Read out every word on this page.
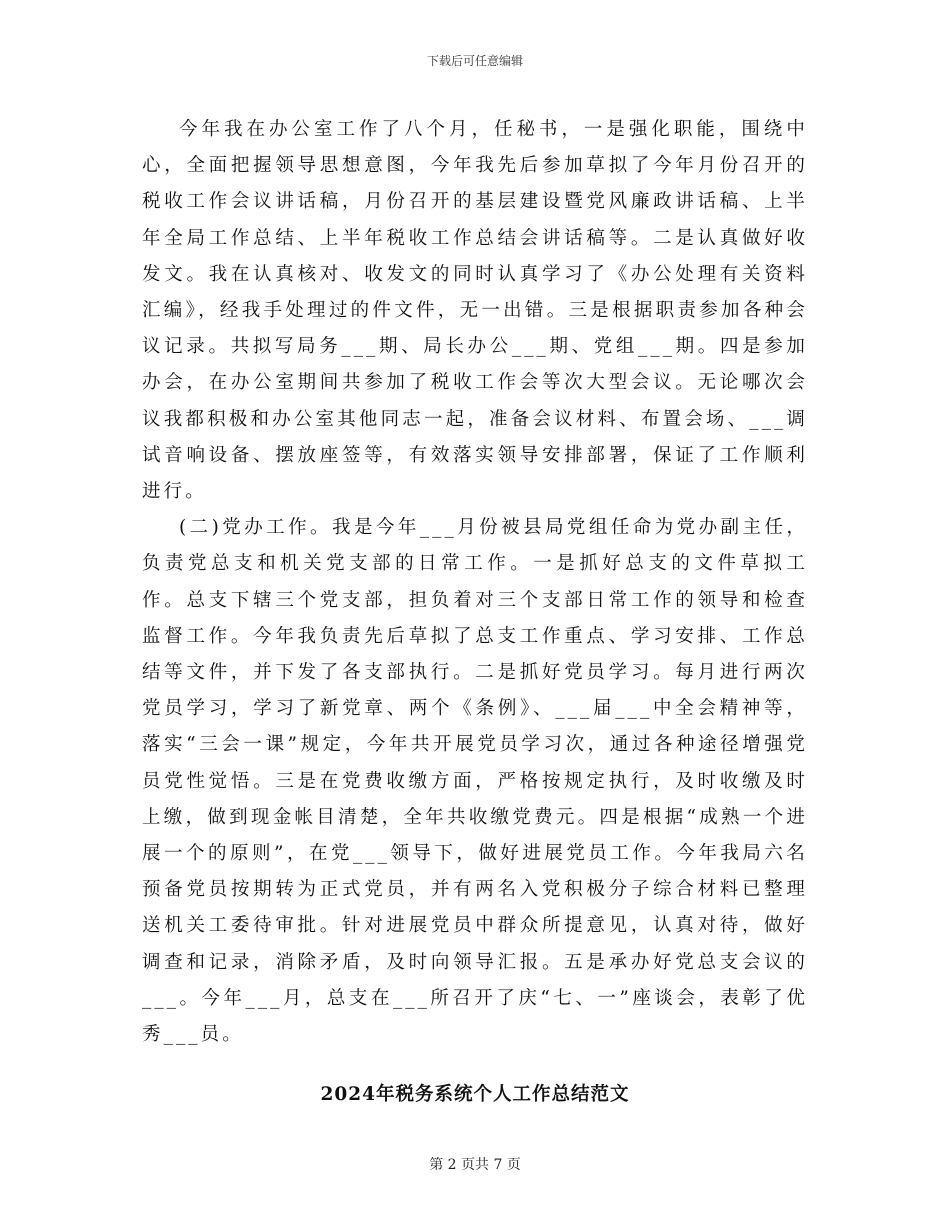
下载后可任意编辑

今年我在办公室工作了八个月，任秘书，一是强化职能，围绕中心，全面把握领导思想意图，今年我先后参加草拟了今年月份召开的税收工作会议讲话稿，月份召开的基层建设暨党风廉政讲话稿、上半年全局工作总结、上半年税收工作总结会讲话稿等。二是认真做好收发文。我在认真核对、收发文的同时认真学习了《办公处理有关资料汇编》，经我手处理过的件文件，无一出错。三是根据职责参加各种会议记录。共拟写局务___期、局长办公___期、党组___期。四是参加办会，在办公室期间共参加了税收工作会等次大型会议。无论哪次会议我都积极和办公室其他同志一起，准备会议材料、布置会场、___调试音响设备、摆放座签等，有效落实领导安排部署，保证了工作顺利进行。

(二)党办工作。我是今年___月份被县局党组任命为党办副主任，负责党总支和机关党支部的日常工作。一是抓好总支的文件草拟工作。总支下辖三个党支部，担负着对三个支部日常工作的领导和检查监督工作。今年我负责先后草拟了总支工作重点、学习安排、工作总结等文件，并下发了各支部执行。二是抓好党员学习。每月进行两次党员学习，学习了新党章、两个《条例》、___届___中全会精神等，落实“三会一课”规定，今年共开展党员学习次，通过各种途径增强党员党性觉悟。三是在党费收缴方面，严格按规定执行，及时收缴及时上缴，做到现金帐目清楚，全年共收缴党费元。四是根据“成熟一个进展一个的原则”，在党___领导下，做好进展党员工作。今年我局六名预备党员按期转为正式党员，并有两名入党积极分子综合材料已整理送机关工委待审批。针对进展党员中群众所提意见，认真对待，做好调查和记录，消除矛盾，及时向领导汇报。五是承办好党总支会议的___。今年___月，总支在___所召开了庆“七、一”座谈会，表彰了优秀___员。

2024年税务系统个人工作总结范文
第 2 页共 7 页
